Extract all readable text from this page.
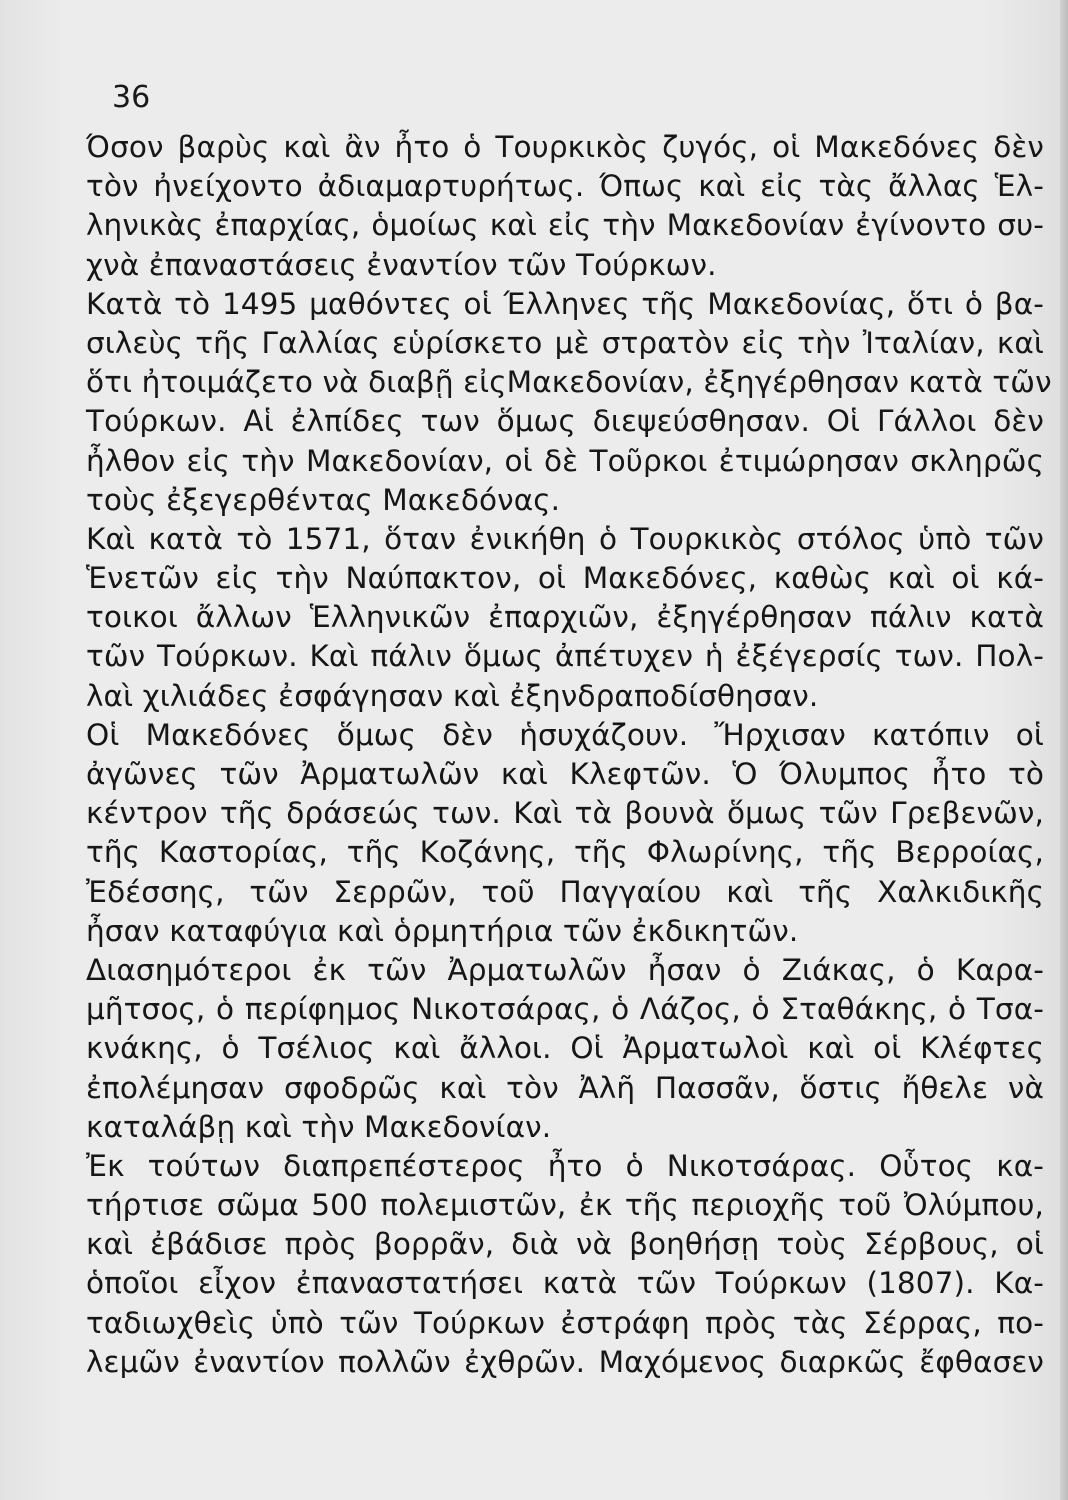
36
Όσον βαρὺς καὶ ἂν ἦτο ὁ Τουρκικὸς ζυγός, οἱ Μακεδόνες δὲν
τὸν ἠνείχοντο ἀδιαμαρτυρήτως. Όπως καὶ εἰς τὰς ἄλλας Ἑλ-
ληνικὰς ἐπαρχίας, ὁμοίως καὶ εἰς τὴν Μακεδονίαν ἐγίνοντο συ-
χνὰ ἐπαναστάσεις ἐναντίον τῶν Τούρκων.
Κατὰ τὸ 1495 μαθόντες οἱ Έλληνες τῆς Μακεδονίας, ὅτι ὁ βα-
σιλεὺς τῆς Γαλλίας εὑρίσκετο μὲ στρατὸν εἰς τὴν Ἰταλίαν, καὶ
ὅτι ἠτοιμάζετο νὰ διαβῇ εἰςΜακεδονίαν, ἐξηγέρθησαν κατὰ τῶν
Τούρκων. Αἱ ἐλπίδες των ὅμως διεψεύσθησαν. Οἱ Γάλλοι δὲν
ἦλθον εἰς τὴν Μακεδονίαν, οἱ δὲ Τοῦρκοι ἐτιμώρησαν σκληρῶς
τοὺς ἐξεγερθέντας Μακεδόνας.
Καὶ κατὰ τὸ 1571, ὅταν ἐνικήθη ὁ Τουρκικὸς στόλος ὑπὸ τῶν
Ἑνετῶν εἰς τὴν Ναύπακτον, οἱ Μακεδόνες, καθὼς καὶ οἱ κά-
τοικοι ἄλλων Ἑλληνικῶν ἐπαρχιῶν, ἐξηγέρθησαν πάλιν κατὰ
τῶν Τούρκων. Καὶ πάλιν ὅμως ἀπέτυχεν ἡ ἐξέγερσίς των. Πολ-
λαὶ χιλιάδες ἐσφάγησαν καὶ ἐξηνδραποδίσθησαν.
Οἱ Μακεδόνες ὅμως δὲν ἡσυχάζουν. Ἤρχισαν κατόπιν οἱ
ἀγῶνες τῶν Ἀρματωλῶν καὶ Κλεφτῶν. Ὁ Όλυμπος ἦτο τὸ
κέντρον τῆς δράσεώς των. Καὶ τὰ βουνὰ ὅμως τῶν Γρεβενῶν,
τῆς Καστορίας, τῆς Κοζάνης, τῆς Φλωρίνης, τῆς Βερροίας,
Ἐδέσσης, τῶν Σερρῶν, τοῦ Παγγαίου καὶ τῆς Χαλκιδικῆς
ἦσαν καταφύγια καὶ ὁρμητήρια τῶν ἐκδικητῶν.
Διασημότεροι ἐκ τῶν Ἀρματωλῶν ἦσαν ὁ Ζιάκας, ὁ Καρα-
μῆτσος, ὁ περίφημος Νικοτσάρας, ὁ Λάζος, ὁ Σταθάκης, ὁ Τσα-
κνάκης, ὁ Τσέλιος καὶ ἄλλοι. Οἱ Ἀρματωλοὶ καὶ οἱ Κλέφτες
ἐπολέμησαν σφοδρῶς καὶ τὸν Ἀλῆ Πασσᾶν, ὅστις ἤθελε νὰ
καταλάβῃ καὶ τὴν Μακεδονίαν.
Ἐκ τούτων διαπρεπέστερος ἦτο ὁ Νικοτσάρας. Οὗτος κα-
τήρτισε σῶμα 500 πολεμιστῶν, ἐκ τῆς περιοχῆς τοῦ Ὀλύμπου,
καὶ ἐβάδισε πρὸς βορρᾶν, διὰ νὰ βοηθήσῃ τοὺς Σέρβους, οἱ
ὁποῖοι εἶχον ἐπαναστατήσει κατὰ τῶν Τούρκων (1807). Κα-
ταδιωχθεὶς ὑπὸ τῶν Τούρκων ἐστράφη πρὸς τὰς Σέρρας, πο-
λεμῶν ἐναντίον πολλῶν ἐχθρῶν. Μαχόμενος διαρκῶς ἔφθασεν
